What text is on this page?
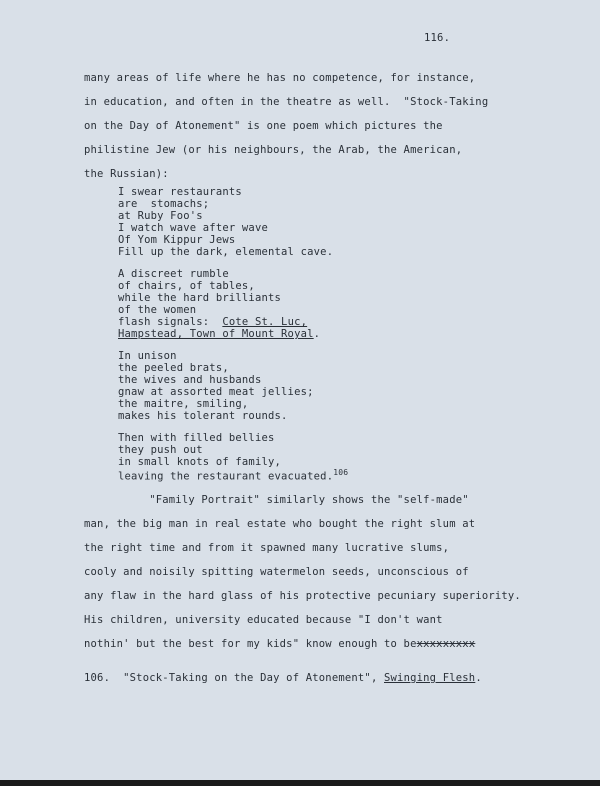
116.
many areas of life where he has no competence, for instance,
in education, and often in the theatre as well.  "Stock-Taking
on the Day of Atonement" is one poem which pictures the
philistine Jew (or his neighbours, the Arab, the American,
the Russian):
I swear restaurants
are  stomachs;
at Ruby Foo's
I watch wave after wave
Of Yom Kippur Jews
Fill up the dark, elemental cave.
A discreet rumble
of chairs, of tables,
while the hard brilliants
of the women
flash signals:  Cote St. Luc,
Hampstead, Town of Mount Royal.
In unison
the peeled brats,
the wives and husbands
gnaw at assorted meat jellies;
the maitre, smiling,
makes his tolerant rounds.
Then with filled bellies
they push out
in small knots of family,
leaving the restaurant evacuated.$^{106}$
"Family Portrait" similarly shows the "self-made"
man, the big man in real estate who bought the right slum at
the right time and from it spawned many lucrative slums,
cooly and noisily spitting watermelon seeds, unconscious of
any flaw in the hard glass of his protective pecuniary superiority.
His children, university educated because "I don't want
nothin' but the best for my kids" know enough to bexxxxxxxxx
106.  "Stock-Taking on the Day of Atonement", Swinging Flesh.
